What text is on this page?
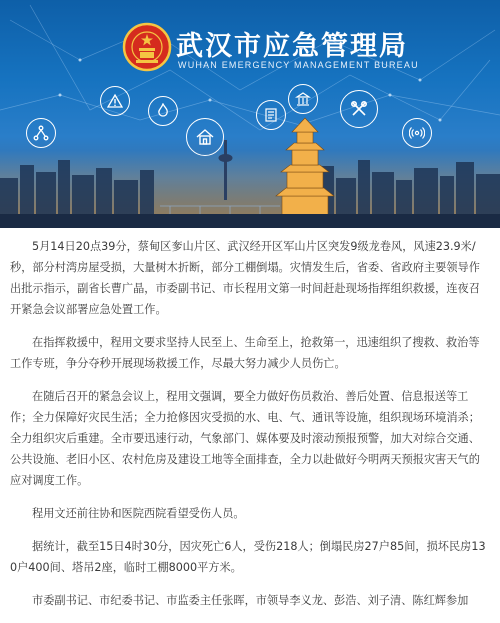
武汉市应急管理局
WUHAN EMERGENCY MANAGEMENT BUREAU

5月14日20点39分，蔡甸区奓山片区、武汉经开区军山片区突发9级龙卷风，风速23.9米/秒，部分村湾房屋受损，大量树木折断，部分工棚倒塌。灾情发生后，省委、省政府主要领导作出批示指示，副省长曹广晶，市委副书记、市长程用文第一时间赶赴现场指挥组织救援，连夜召开紧急会议部署应急处置工作。

在指挥救援中，程用文要求坚持人民至上、生命至上，抢救第一，迅速组织了搜救、救治等工作专班，争分夺秒开展现场救援工作，尽最大努力减少人员伤亡。

在随后召开的紧急会议上，程用文强调，要全力做好伤员救治、善后处置、信息报送等工作；全力保障好灾民生活；全力抢修因灾受损的水、电、气、通讯等设施，组织现场环境消杀；全力组织灾后重建。全市要迅速行动，气象部门、媒体要及时滚动预报预警，加大对综合交通、公共设施、老旧小区、农村危房及建设工地等全面排查，全力以赴做好今明两天预报灾害天气的应对调度工作。

程用文还前往协和医院西院看望受伤人员。

据统计，截至15日4时30分，因灾死亡6人，受伤218人；倒塌民房27户85间，损坏民房130户400间、塔吊2座，临时工棚8000平方米。

市委副书记、市纪委书记、市监委主任张晖，市领导李义龙、彭浩、刘子清、陈红辉参加
